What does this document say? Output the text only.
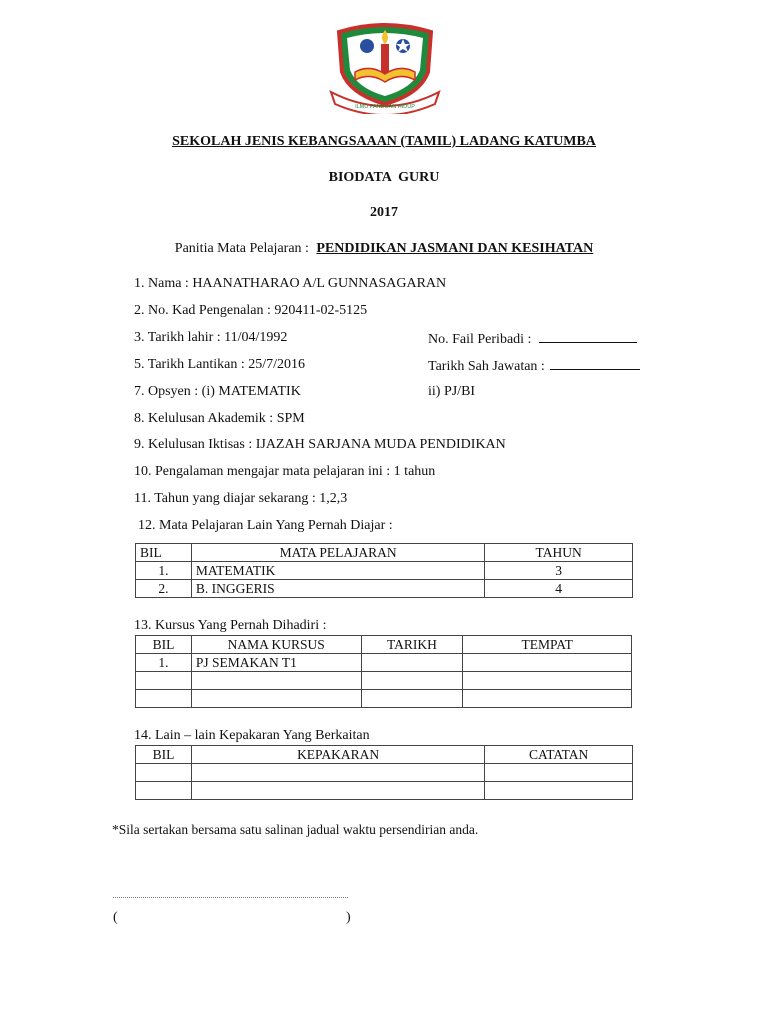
ILMU PANDUAN HIDUP
SEKOLAH JENIS KEBANGSAAAN (TAMIL) LADANG KATUMBA
BIODATA  GURU
2017
Panitia Mata Pelajaran : PENDIDIKAN JASMANI DAN KESIHATAN
1. Nama : HAANATHARAO A/L GUNNASAGARAN
2. No. Kad Pengenalan : 920411-02-5125
3. Tarikh lahir : 11/04/1992	No. Fail Peribadi :
5. Tarikh Lantikan : 25/7/2016	Tarikh Sah Jawatan :
7. Opsyen : (i) MATEMATIK	ii) PJ/BI
8. Kelulusan Akademik : SPM
9. Kelulusan Iktisas : IJAZAH SARJANA MUDA PENDIDIKAN
10. Pengalaman mengajar mata pelajaran ini : 1 tahun
11. Tahun yang diajar sekarang : 1,2,3
12. Mata Pelajaran Lain Yang Pernah Diajar :
BIL	MATA PELAJARAN	TAHUN
1.	MATEMATIK	3
2.	B. INGGERIS	4
13. Kursus Yang Pernah Dihadiri :
BIL	NAMA KURSUS	TARIKH	TEMPAT
1.	PJ SEMAKAN T1		

14. Lain – lain Kepakaran Yang Berkaitan
BIL	KEPAKARAN	CATATAN

*Sila sertakan bersama satu salinan jadual waktu persendirian anda.
(	)
